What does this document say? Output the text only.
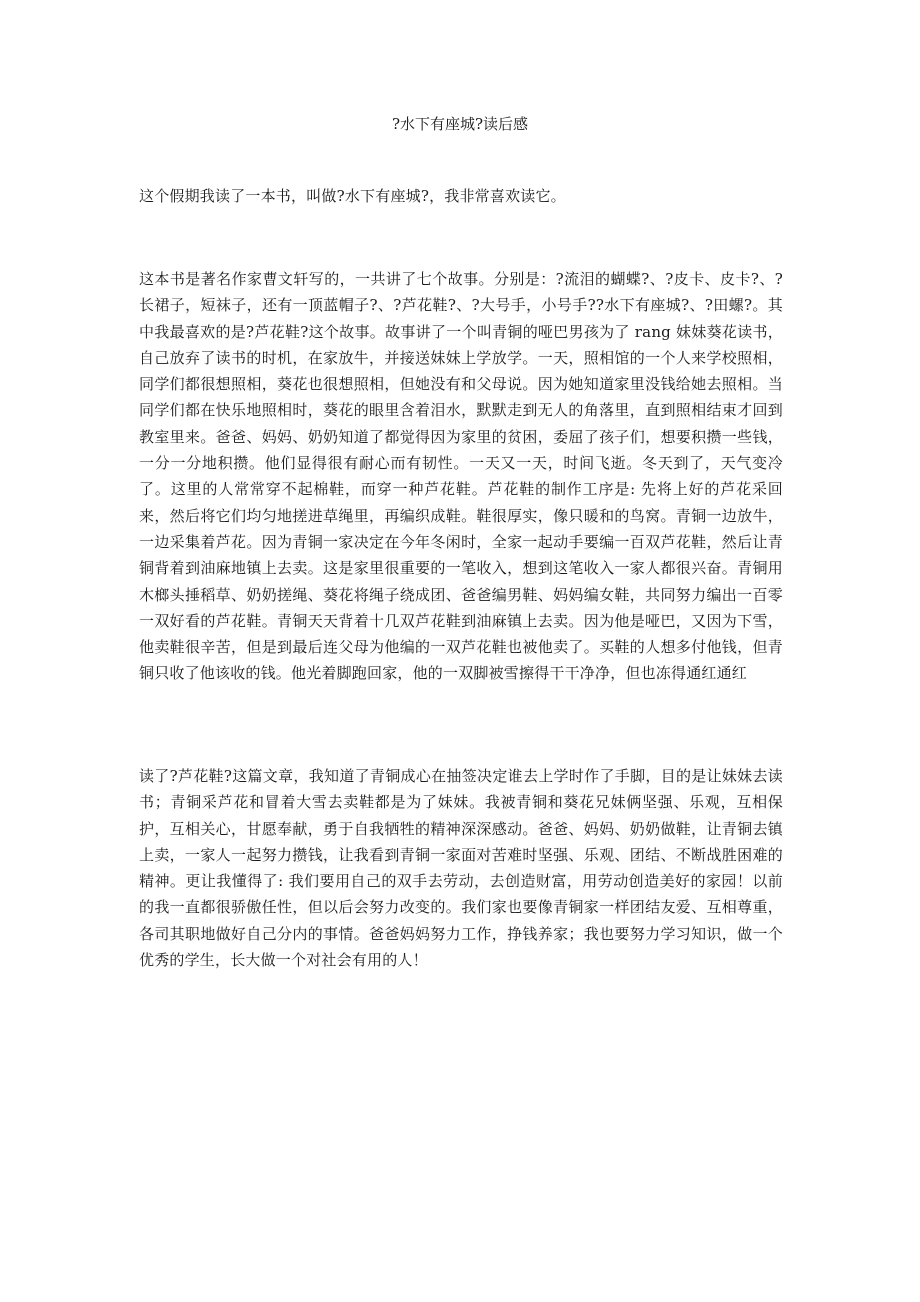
?水下有座城?读后感

这个假期我读了一本书，叫做?水下有座城?，我非常喜欢读它。

这本书是著名作家曹文轩写的，一共讲了七个故事。分别是：?流泪的蝴蝶?、?皮卡、皮卡?、?长裙子，短袜子，还有一顶蓝帽子?、?芦花鞋?、?大号手，小号手??水下有座城?、?田螺?。其中我最喜欢的是?芦花鞋?这个故事。故事讲了一个叫青铜的哑巴男孩为了 rang 妹妹葵花读书，自己放弃了读书的时机，在家放牛，并接送妹妹上学放学。一天，照相馆的一个人来学校照相，同学们都很想照相，葵花也很想照相，但她没有和父母说。因为她知道家里没钱给她去照相。当同学们都在快乐地照相时，葵花的眼里含着泪水，默默走到无人的角落里，直到照相结束才回到教室里来。爸爸、妈妈、奶奶知道了都觉得因为家里的贫困，委屈了孩子们，想要积攒一些钱，一分一分地积攒。他们显得很有耐心而有韧性。一天又一天，时间飞逝。冬天到了，天气变冷了。这里的人常常穿不起棉鞋，而穿一种芦花鞋。芦花鞋的制作工序是: 先将上好的芦花采回来，然后将它们均匀地搓进草绳里，再编织成鞋。鞋很厚实，像只暖和的鸟窝。青铜一边放牛，一边采集着芦花。因为青铜一家决定在今年冬闲时，全家一起动手要编一百双芦花鞋，然后让青铜背着到油麻地镇上去卖。这是家里很重要的一笔收入，想到这笔收入一家人都很兴奋。青铜用木榔头捶稻草、奶奶搓绳、葵花将绳子绕成团、爸爸编男鞋、妈妈编女鞋，共同努力编出一百零一双好看的芦花鞋。青铜天天背着十几双芦花鞋到油麻镇上去卖。因为他是哑巴，又因为下雪，他卖鞋很辛苦，但是到最后连父母为他编的一双芦花鞋也被他卖了。买鞋的人想多付他钱，但青铜只收了他该收的钱。他光着脚跑回家，他的一双脚被雪擦得干干净净，但也冻得通红通红

读了?芦花鞋?这篇文章，我知道了青铜成心在抽签决定谁去上学时作了手脚，目的是让妹妹去读书；青铜采芦花和冒着大雪去卖鞋都是为了妹妹。我被青铜和葵花兄妹俩坚强、乐观，互相保护，互相关心，甘愿奉献，勇于自我牺牲的精神深深感动。爸爸、妈妈、奶奶做鞋，让青铜去镇上卖，一家人一起努力攒钱，让我看到青铜一家面对苦难时坚强、乐观、团结、不断战胜困难的精神。更让我懂得了: 我们要用自己的双手去劳动，去创造财富，用劳动创造美好的家园！以前的我一直都很骄傲任性，但以后会努力改变的。我们家也要像青铜家一样团结友爱、互相尊重，各司其职地做好自己分内的事情。爸爸妈妈努力工作，挣钱养家；我也要努力学习知识，做一个优秀的学生，长大做一个对社会有用的人！
